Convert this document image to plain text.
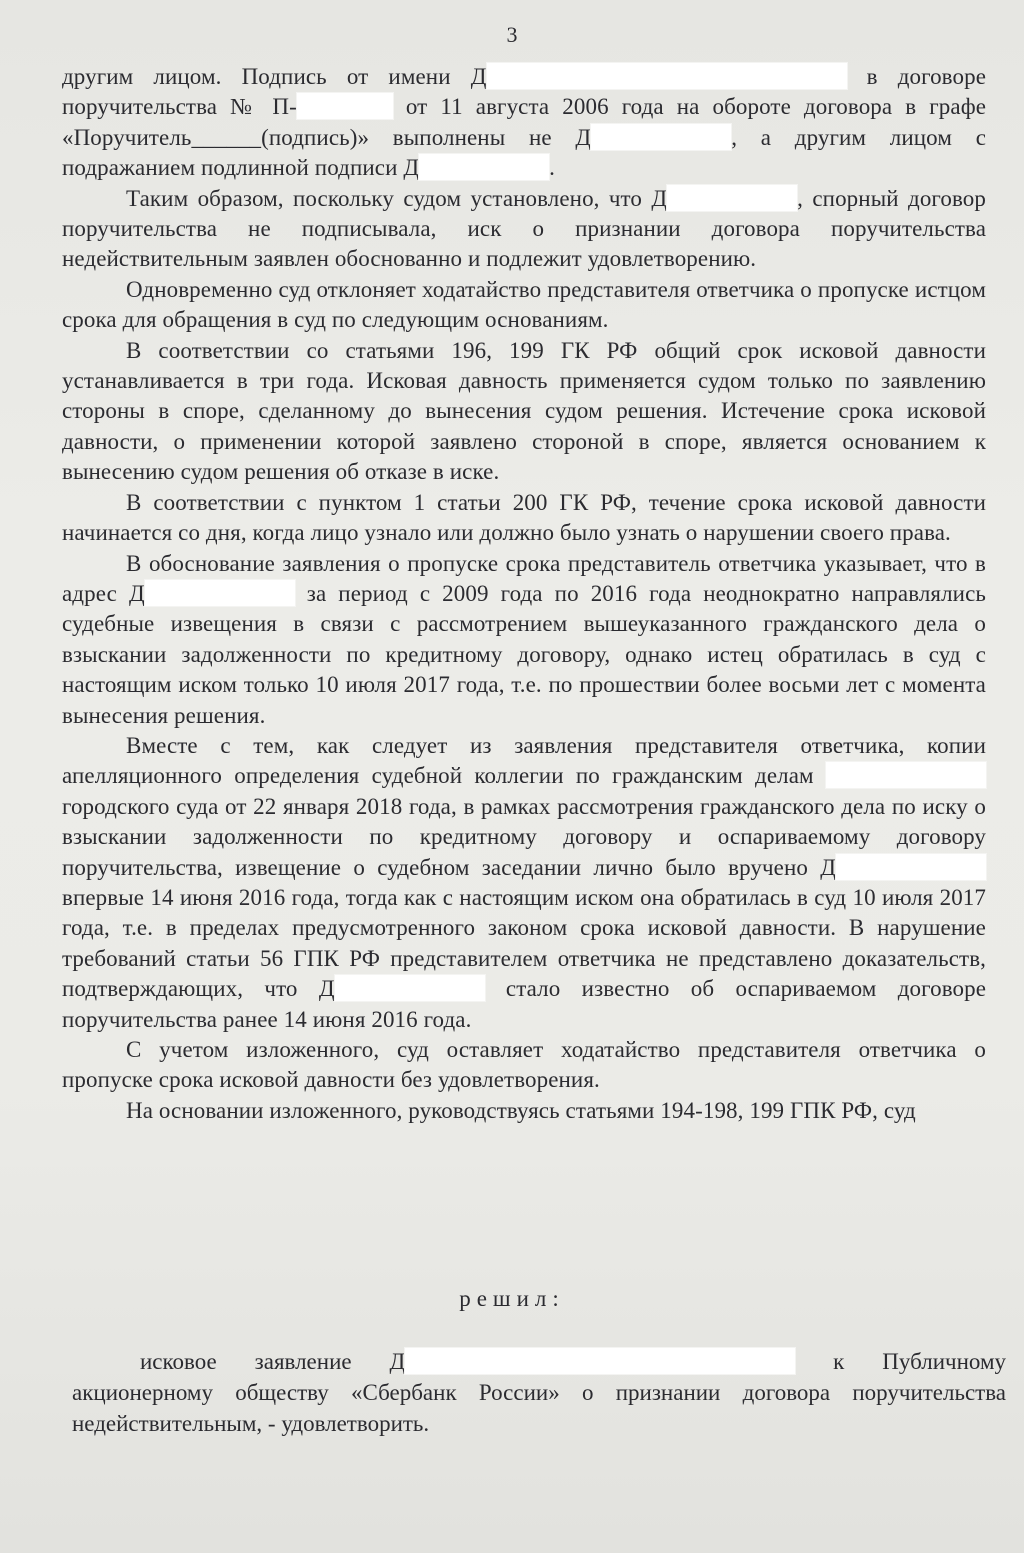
3

другим лицом. Подпись от имени Д	в договоре поручительства № П-	от 11 августа 2006 года на обороте договора в графе «Поручитель______(подпись)» выполнены не Д	, а другим лицом с подражанием подлинной подписи Д	.

Таким образом, поскольку судом установлено, что Д	, спорный договор поручительства не подписывала, иск о признании договора поручительства недействительным заявлен обоснованно и подлежит удовлетворению.

Одновременно суд отклоняет ходатайство представителя ответчика о пропуске истцом срока для обращения в суд по следующим основаниям.

В соответствии со статьями 196, 199 ГК РФ общий срок исковой давности устанавливается в три года. Исковая давность применяется судом только по заявлению стороны в споре, сделанному до вынесения судом решения. Истечение срока исковой давности, о применении которой заявлено стороной в споре, является основанием к вынесению судом решения об отказе в иске.

В соответствии с пунктом 1 статьи 200 ГК РФ, течение срока исковой давности начинается со дня, когда лицо узнало или должно было узнать о нарушении своего права.

В обоснование заявления о пропуске срока представитель ответчика указывает, что в адрес Д	за период с 2009 года по 2016 года неоднократно направлялись судебные извещения в связи с рассмотрением вышеуказанного гражданского дела о взыскании задолженности по кредитному договору, однако истец обратилась в суд с настоящим иском только 10 июля 2017 года, т.е. по прошествии более восьми лет с момента вынесения решения.

Вместе с тем, как следует из заявления представителя ответчика, копии апелляционного определения судебной коллегии по гражданским делам городского суда от 22 января 2018 года, в рамках рассмотрения гражданского дела по иску о взыскании задолженности по кредитному договору и оспариваемому договору поручительства, извещение о судебном заседании лично было вручено Д впервые 14 июня 2016 года, тогда как с настоящим иском она обратилась в суд 10 июля 2017 года, т.е. в пределах предусмотренного законом срока исковой давности. В нарушение требований статьи 56 ГПК РФ представителем ответчика не представлено доказательств, подтверждающих, что Д	стало известно об оспариваемом договоре поручительства ранее 14 июня 2016 года.

С учетом изложенного, суд оставляет ходатайство представителя ответчика о пропуске срока исковой давности без удовлетворения.

На основании изложенного, руководствуясь статьями 194-198, 199 ГПК РФ, суд

решил:

исковое заявление Д	к Публичному акционерному обществу «Сбербанк России» о признании договора поручительства недействительным, - удовлетворить.
